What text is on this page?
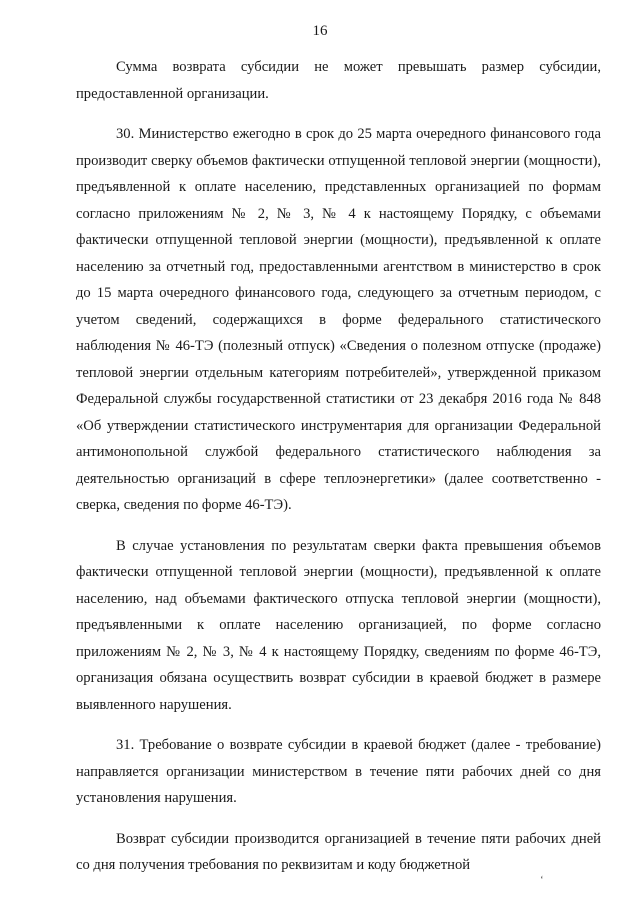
16

Сумма возврата субсидии не может превышать размер субсидии, предоставленной организации.

30. Министерство ежегодно в срок до 25 марта очередного финансового года производит сверку объемов фактически отпущенной тепловой энергии (мощности), предъявленной к оплате населению, представленных организацией по формам согласно приложениям № 2, № 3, № 4 к настоящему Порядку, с объемами фактически отпущенной тепловой энергии (мощности), предъявленной к оплате населению за отчетный год, предоставленными агентством в министерство в срок до 15 марта очередного финансового года, следующего за отчетным периодом, с учетом сведений, содержащихся в форме федерального статистического наблюдения № 46-ТЭ (полезный отпуск) «Сведения о полезном отпуске (продаже) тепловой энергии отдельным категориям потребителей», утвержденной приказом Федеральной службы государственной статистики от 23 декабря 2016 года № 848 «Об утверждении статистического инструментария для организации Федеральной антимонопольной службой федерального статистического наблюдения за деятельностью организаций в сфере теплоэнергетики» (далее соответственно - сверка, сведения по форме 46-ТЭ).

В случае установления по результатам сверки факта превышения объемов фактически отпущенной тепловой энергии (мощности), предъявленной к оплате населению, над объемами фактического отпуска тепловой энергии (мощности), предъявленными к оплате населению организацией, по форме согласно приложениям № 2, № 3, № 4 к настоящему Порядку, сведениям по форме 46-ТЭ, организация обязана осуществить возврат субсидии в краевой бюджет в размере выявленного нарушения.

31. Требование о возврате субсидии в краевой бюджет (далее - требование) направляется организации министерством в течение пяти рабочих дней со дня установления нарушения.

Возврат субсидии производится организацией в течение пяти рабочих дней со дня получения требования по реквизитам и коду бюджетной

‘
